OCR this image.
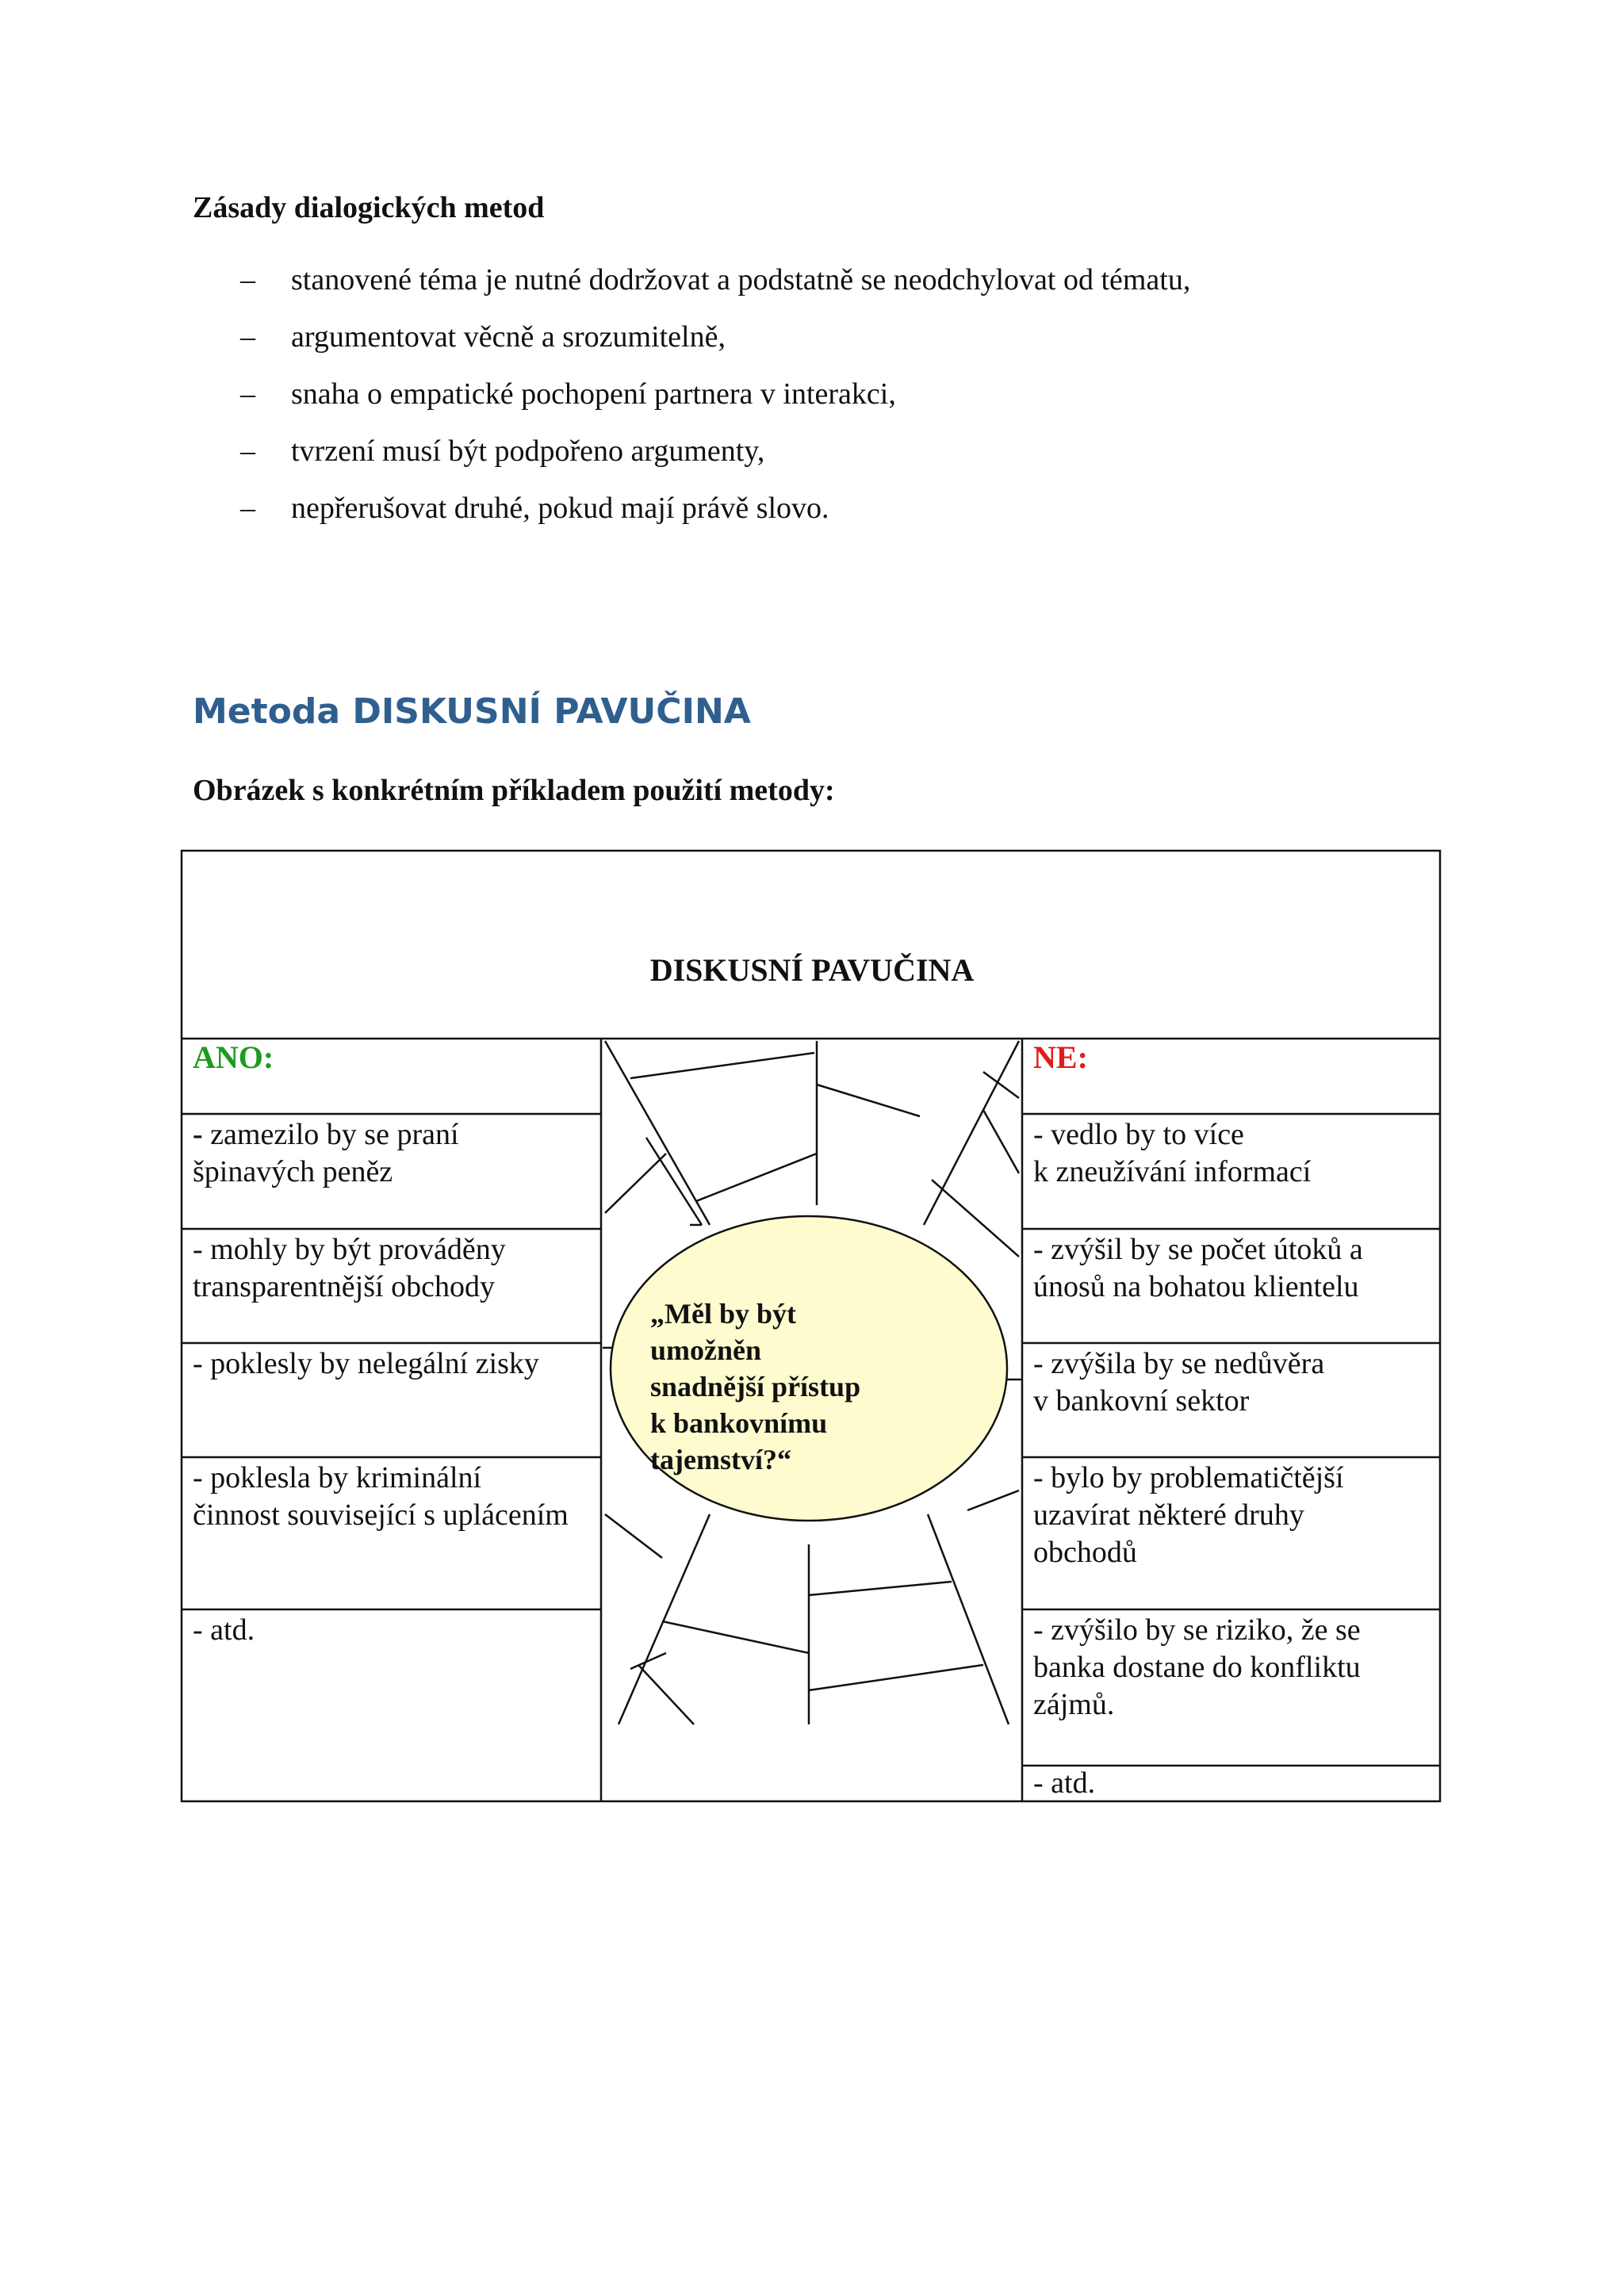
Zásady dialogických metod
– stanovené téma je nutné dodržovat a podstatně se neodchylovat od tématu,
– argumentovat věcně a srozumitelně,
– snaha o empatické pochopení partnera v interakci,
– tvrzení musí být podpořeno argumenty,
– nepřerušovat druhé, pokud mají právě slovo.
Metoda DISKUSNÍ PAVUČINA
Obrázek s konkrétním příkladem použití metody:
DISKUSNÍ PAVUČINA
ANO:
- zamezilo by se praní
špinavých peněz
- mohly by být prováděny
transparentnější obchody
- poklesly by nelegální zisky
- poklesla by kriminální
činnost související s uplácením
- atd.
NE:
- vedlo by to více
k zneužívání informací
- zvýšil by se počet útoků a
únosů na bohatou klientelu
- zvýšila by se nedůvěra
v bankovní sektor
- bylo by problematičtější
uzavírat některé druhy
obchodů
- zvýšilo by se riziko, že se
banka dostane do konfliktu
zájmů.
- atd.
„Měl by být
umožněn
snadnější přístup
k bankovnímu
tajemství?“
